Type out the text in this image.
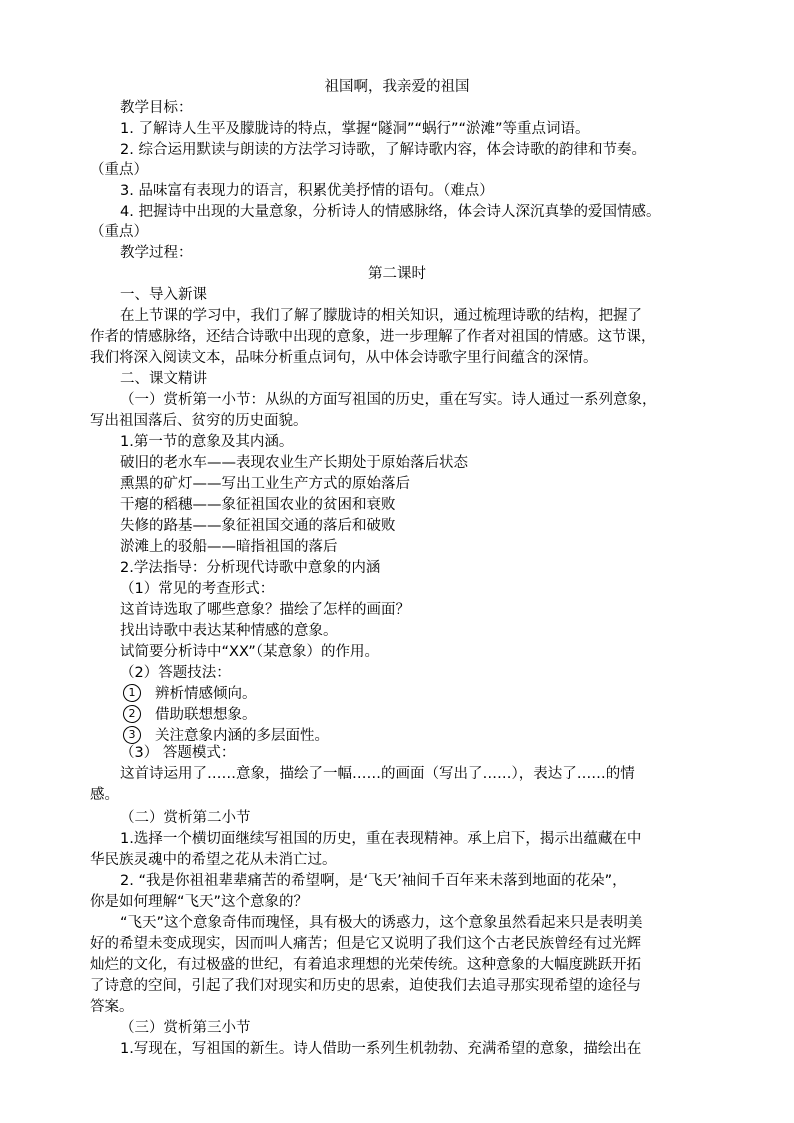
祖国啊，我亲爱的祖国
教学目标：
1. 了解诗人生平及朦胧诗的特点，掌握“隧洞”“蜗行”“淤滩”等重点词语。
2. 综合运用默读与朗读的方法学习诗歌，了解诗歌内容，体会诗歌的韵律和节奏。
（重点）
3. 品味富有表现力的语言，积累优美抒情的语句。（难点）
4. 把握诗中出现的大量意象，分析诗人的情感脉络，体会诗人深沉真挚的爱国情感。
（重点）
教学过程：
第二课时
一、导入新课
在上节课的学习中，我们了解了朦胧诗的相关知识，通过梳理诗歌的结构，把握了
作者的情感脉络，还结合诗歌中出现的意象，进一步理解了作者对祖国的情感。这节课，
我们将深入阅读文本，品味分析重点词句，从中体会诗歌字里行间蕴含的深情。
二、课文精讲
（一）赏析第一小节：从纵的方面写祖国的历史，重在写实。诗人通过一系列意象，
写出祖国落后、贫穷的历史面貌。
1.第一节的意象及其内涵。
破旧的老水车——表现农业生产长期处于原始落后状态
熏黑的矿灯——写出工业生产方式的原始落后
干瘪的稻穗——象征祖国农业的贫困和衰败
失修的路基——象征祖国交通的落后和破败
淤滩上的驳船——暗指祖国的落后
2.学法指导：分析现代诗歌中意象的内涵
（1）常见的考查形式：
这首诗选取了哪些意象？描绘了怎样的画面？
找出诗歌中表达某种情感的意象。
试简要分析诗中“XX”（某意象）的作用。
（2）答题技法：
1 辨析情感倾向。
2 借助联想想象。
3 关注意象内涵的多层面性。
（3） 答题模式：
这首诗运用了……意象，描绘了一幅……的画面（写出了……），表达了……的情
感。
（二）赏析第二小节
1.选择一个横切面继续写祖国的历史，重在表现精神。承上启下，揭示出蕴藏在中
华民族灵魂中的希望之花从未消亡过。
2. “我是你祖祖辈辈痛苦的希望啊，是‘飞天’袖间千百年来未落到地面的花朵”，
你是如何理解“飞天”这个意象的？
“飞天”这个意象奇伟而瑰怪，具有极大的诱惑力，这个意象虽然看起来只是表明美
好的希望未变成现实，因而叫人痛苦；但是它又说明了我们这个古老民族曾经有过光辉
灿烂的文化，有过极盛的世纪，有着追求理想的光荣传统。这种意象的大幅度跳跃开拓
了诗意的空间，引起了我们对现实和历史的思索，迫使我们去追寻那实现希望的途径与
答案。
（三）赏析第三小节
1.写现在，写祖国的新生。诗人借助一系列生机勃勃、充满希望的意象，描绘出在
